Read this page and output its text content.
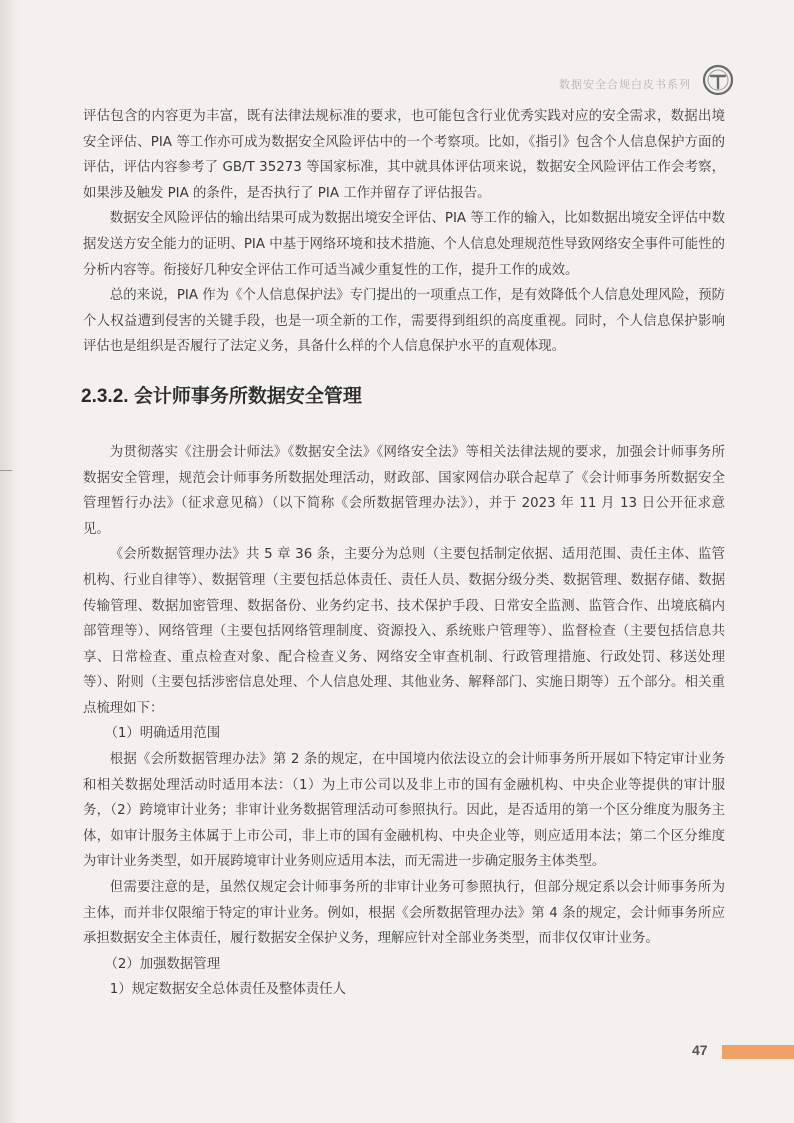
数据安全合规白皮书系列

评估包含的内容更为丰富，既有法律法规标准的要求，也可能包含行业优秀实践对应的安全需求，数据出境安全评估、PIA 等工作亦可成为数据安全风险评估中的一个考察项。比如，《指引》包含个人信息保护方面的评估，评估内容参考了 GB/T 35273 等国家标准，其中就具体评估项来说，数据安全风险评估工作会考察，如果涉及触发 PIA 的条件，是否执行了 PIA 工作并留存了评估报告。

数据安全风险评估的输出结果可成为数据出境安全评估、PIA 等工作的输入，比如数据出境安全评估中数据发送方安全能力的证明、PIA 中基于网络环境和技术措施、个人信息处理规范性导致网络安全事件可能性的分析内容等。衔接好几种安全评估工作可适当减少重复性的工作，提升工作的成效。

总的来说，PIA 作为《个人信息保护法》专门提出的一项重点工作，是有效降低个人信息处理风险，预防个人权益遭到侵害的关键手段，也是一项全新的工作，需要得到组织的高度重视。同时，个人信息保护影响评估也是组织是否履行了法定义务，具备什么样的个人信息保护水平的直观体现。

2.3.2. 会计师事务所数据安全管理

为贯彻落实《注册会计师法》《数据安全法》《网络安全法》等相关法律法规的要求，加强会计师事务所数据安全管理，规范会计师事务所数据处理活动，财政部、国家网信办联合起草了《会计师事务所数据安全管理暂行办法》（征求意见稿）（以下简称《会所数据管理办法》），并于 2023 年 11 月 13 日公开征求意见。

《会所数据管理办法》共 5 章 36 条，主要分为总则（主要包括制定依据、适用范围、责任主体、监管机构、行业自律等）、数据管理（主要包括总体责任、责任人员、数据分级分类、数据管理、数据存储、数据传输管理、数据加密管理、数据备份、业务约定书、技术保护手段、日常安全监测、监管合作、出境底稿内部管理等）、网络管理（主要包括网络管理制度、资源投入、系统账户管理等）、监督检查（主要包括信息共享、日常检查、重点检查对象、配合检查义务、网络安全审查机制、行政管理措施、行政处罚、移送处理等）、附则（主要包括涉密信息处理、个人信息处理、其他业务、解释部门、实施日期等）五个部分。相关重点梳理如下：

（1）明确适用范围

根据《会所数据管理办法》第 2 条的规定，在中国境内依法设立的会计师事务所开展如下特定审计业务和相关数据处理活动时适用本法：（1）为上市公司以及非上市的国有金融机构、中央企业等提供的审计服务，（2）跨境审计业务；非审计业务数据管理活动可参照执行。因此，是否适用的第一个区分维度为服务主体，如审计服务主体属于上市公司，非上市的国有金融机构、中央企业等，则应适用本法；第二个区分维度为审计业务类型，如开展跨境审计业务则应适用本法，而无需进一步确定服务主体类型。

但需要注意的是，虽然仅规定会计师事务所的非审计业务可参照执行，但部分规定系以会计师事务所为主体，而并非仅限缩于特定的审计业务。例如，根据《会所数据管理办法》第 4 条的规定，会计师事务所应承担数据安全主体责任，履行数据安全保护义务，理解应针对全部业务类型，而非仅仅审计业务。

（2）加强数据管理

1）规定数据安全总体责任及整体责任人

47
